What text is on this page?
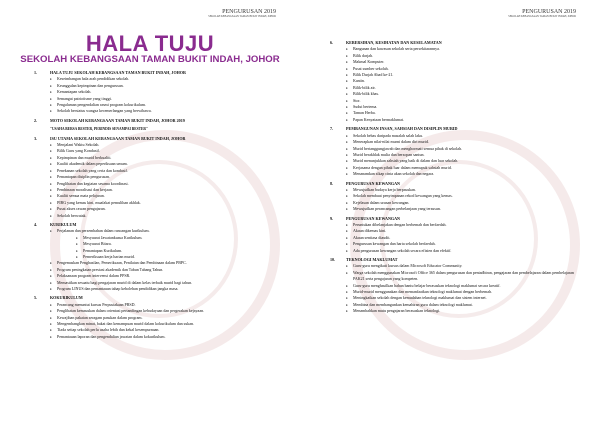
PENGURUSAN 2019
SEKOLAH KEBANGSAAN TAMAN BUKIT INDAH, JOHOR
HALA TUJU
SEKOLAH KEBANGSAAN TAMAN BUKIT INDAH, JOHOR
1.	HALA TUJU SEKOLAH KEBANGSAAN TAMAN BUKIT INDAH, JOHOR
♦	Keseimbangan hala arah pendidikan sekolah.
♦	Keunggulan kepimpinan dan pengurusan.
♦	Kemantapan sekolah.
♦	Semangat patriotisme yang tinggi.
♦	Pengalaman pengendalian rasmi program kokurikulum.
♦	Sekolah berstatus wangsa kecemerlangan yang berwibawa.
2.	MOTO SEKOLAH KEBANGSAAN TAMAN BUKIT INDAH, JOHOR 2019
"USAHA BERSA BESTER, PERINDIS SENAMPAI BESTER"
3.	ISU UTAMA SEKOLAH KEBANGSAAN TAMAN BUKIT INDAH, JOHOR
♦	Menjalani Waktu Sekolah.
♦	Bilik Guru yang Kondusif.
♦	Kepimpinan dan murid berkualiti.
♦	Kualiti akademik dalam peperiksaan umum.
♦	Penekanan sekolah yang ceria dan kondusif.
♦	Pemantapan disiplin pengurusan.
♦	Penglibatan dan kegiatan sesama koordinasi.
♦	Pembinaan moralisasi dan kerjaan.
♦	Kualiti semua mata pelajaran.
♦	PIBG yang kemas kini, muafakat pemulihan akhlak.
♦	Pusat akses rawan pengajaran.
♦	Sekolah berwatak.
4.	KURIKULUM
♦	Perjalanan dan persembahan dalam rancangan kurikulum.
♦	Mesyuarat Jawatankuasa Kurikulum.
♦	Mesyuarat Bitara.
♦	Pemantapan Kurikulum.
♦	Pemeriksaan kerja harian murid.
♦	Pengemaskan Penghasilan, Pemeriksaan, Penilaian dan Pembinaan dalam PBPC.
♦	Program peningkatan prestasi akademik dan Tabun Tabang Tahun.
♦	Pelaksanaan program intervensi dalam PPSR.
♦	Memastikan sesuatu bagi pengajaran murid di dalam kelas terbaik murid bagi tahun.
♦	Program LINUS dan pemantauan tahap kebolehan pendidikan jangka masa.
5.	KOKURIKULUM
♦	Perancang menuntut kursus Perpustakaan PRSD.
♦	Penglibatan kemasukan dalam orientasi pertandingan kebudayaan dan pergerakan kejayaan.
♦	Kewajiban pakaian seragam pasukan dalam program.
♦	Mengembangkan minat, bakat dan kemampuan murid dalam kokurikulum dan sukan.
♦	Tiada setiap sekolah perlu usaha lebih dan kekal kesempurnaan.
♦	Pemantauan laporan dan pengendalian jawatan dalam kokurikulum.
PENGURUSAN 2019
SEKOLAH KEBANGSAAN TAMAN BUKIT INDAH, JOHOR
6.	KEBERSIHAN, KESIHATAN DAN KESELAMATAN
♦	Bangunan dan kawasan sekolah serta persekitarannya.
♦	Bilik darjah.
♦	Makmal Komputer.
♦	Pusat sumber sekolah.
♦	Bilik Darjah Abad ke-21.
♦	Kantin.
♦	Bilik-bilik air.
♦	Bilik-bilik khas.
♦	Stor.
♦	Sudut bertema.
♦	Taman Herba.
♦	Papan Kenyataan bermaklumat.
7.	PEMBANGUNAN INSAN, SAHSIAH DAN DISIPLIN MURID
♦	Sekolah bebas daripada masalah salah laku.
♦	Menerapkan nilai-nilai murni dalam diri murid.
♦	Murid bertanggungjawab dan menghormati semua pihak di sekolah.
♦	Murid berakhlak mulia dan bersopan santun.
♦	Murid menunjukkan sahsiah yang baik di dalam dan luar sekolah.
♦	Kerjasama dengan pihak luar dalam memupuk sahsiah murid.
♦	Menanamkan sikap cinta akan sekolah dan negara.
8.	PENGURUSAN KEWANGAN
♦	Mewujudkan budaya kerja berpasukan.
♦	Sekolah membuat penyimpanan rekod kewangan yang kemas.
♦	Kejelasan dalam urusan kewangan.
♦	Mewujudkan perancangan perbelanjaan yang tersusun.
9.	PENGURUSAN KEWANGAN
♦	Peruntukan dibelanjakan dengan berhemah dan berfaedah.
♦	Akaun dikemas kini.
♦	Akaun sentiasa diaudit.
♦	Pengurusan kewangan dan harta sekolah berfaedah.
♦	Ada pengurusan kewangan sekolah secara efisien dan efektif.
10.	TEKNOLOGI MAKLUMAT
♦	Guru-guru mengikuti kursus dalam Microsoft Educator Community.
♦	Warga sekolah menggunakan Microsoft Office 365 dalam pengurusan dan pentadbiran, pengajaran dan pembelajaran dalam pembelajaran PAK21 serta pengajaran yang kompeten.
♦	Guru-guru menghasilkan bahan bantu belajar berasaskan teknologi maklumat secara kreatif.
♦	Murid-murid menggunakan dan memanfaatkan teknologi maklumat dengan berhemah.
♦	Meningkatkan sekolah dengan kemudahan teknologi maklumat dan sistem internet.
♦	Membina dan membangunkan kemahiran guru dalam teknologi maklumat.
♦	Menambahkan mutu pengajaran berasaskan teknologi.
